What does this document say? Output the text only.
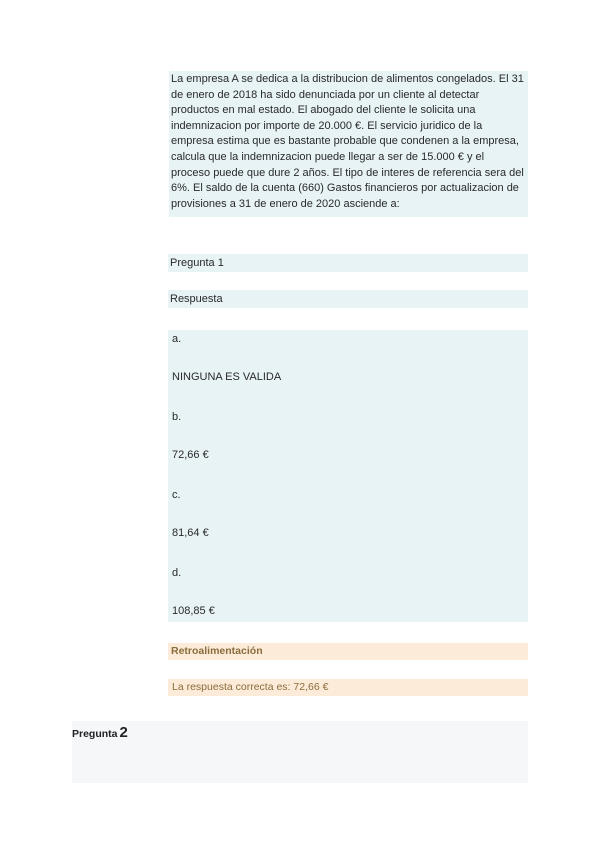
La empresa A se dedica a la distribucion de alimentos congelados. El 31 de enero de 2018 ha sido denunciada por un cliente al detectar productos en mal estado. El abogado del cliente le solicita una indemnizacion por importe de 20.000 €. El servicio juridico de la empresa estima que es bastante probable que condenen a la empresa, calcula que la indemnizacion puede llegar a ser de 15.000 € y el proceso puede que dure 2 años. El tipo de interes de referencia sera del 6%. El saldo de la cuenta (660) Gastos financieros por actualizacion de provisiones a 31 de enero de 2020 asciende a:
Pregunta 1
Respuesta
a.
NINGUNA ES VALIDA
b.
72,66 €
c.
81,64 €
d.
108,85 €
Retroalimentación
La respuesta correcta es: 72,66 €
Pregunta 2
